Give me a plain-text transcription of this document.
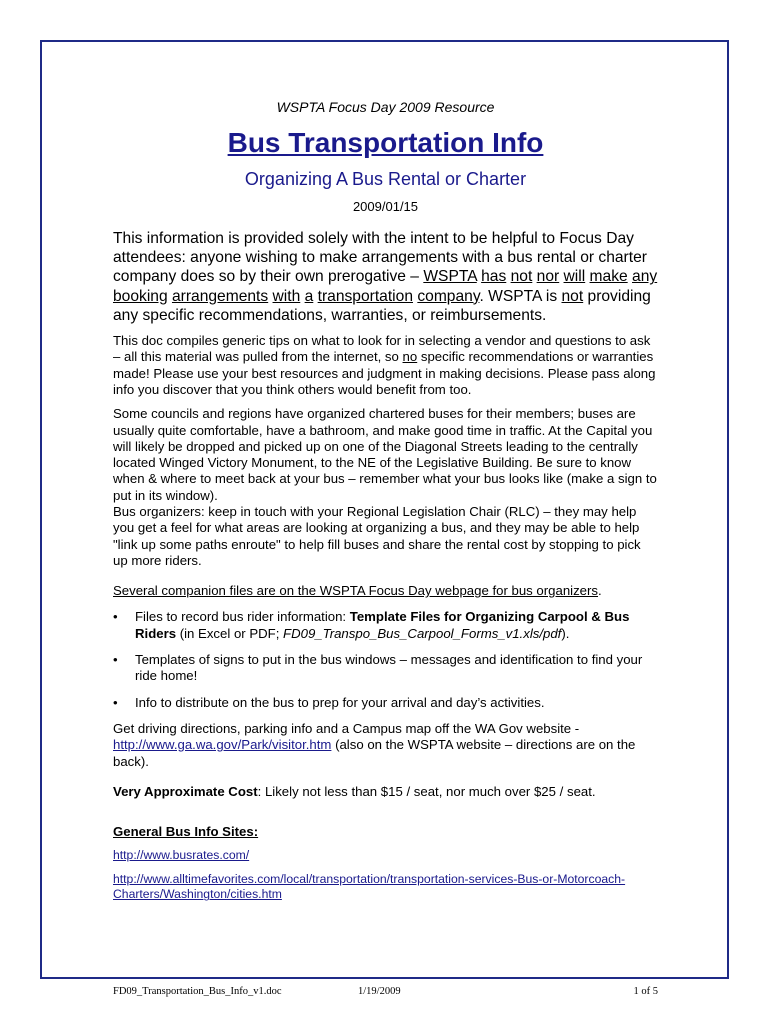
WSPTA Focus Day 2009 Resource

Bus Transportation Info

Organizing A Bus Rental or Charter

2009/01/15

This information is provided solely with the intent to be helpful to Focus Day attendees: anyone wishing to make arrangements with a bus rental or charter company does so by their own prerogative – WSPTA has not nor will make any booking arrangements with a transportation company. WSPTA is not providing any specific recommendations, warranties, or reimbursements.

This doc compiles generic tips on what to look for in selecting a vendor and questions to ask – all this material was pulled from the internet, so no specific recommendations or warranties made! Please use your best resources and judgment in making decisions. Please pass along info you discover that you think others would benefit from too.

Some councils and regions have organized chartered buses for their members; buses are usually quite comfortable, have a bathroom, and make good time in traffic. At the Capital you will likely be dropped and picked up on one of the Diagonal Streets leading to the centrally located Winged Victory Monument, to the NE of the Legislative Building. Be sure to know when & where to meet back at your bus – remember what your bus looks like (make a sign to put in its window).

Bus organizers: keep in touch with your Regional Legislation Chair (RLC) – they may help you get a feel for what areas are looking at organizing a bus, and they may be able to help "link up some paths enroute" to help fill buses and share the rental cost by stopping to pick up more riders.

Several companion files are on the WSPTA Focus Day webpage for bus organizers.

• Files to record bus rider information: Template Files for Organizing Carpool & Bus Riders (in Excel or PDF; FD09_Transpo_Bus_Carpool_Forms_v1.xls/pdf).
• Templates of signs to put in the bus windows – messages and identification to find your ride home!
• Info to distribute on the bus to prep for your arrival and day’s activities.

Get driving directions, parking info and a Campus map off the WA Gov website - http://www.ga.wa.gov/Park/visitor.htm (also on the WSPTA website – directions are on the back).

Very Approximate Cost: Likely not less than $15 / seat, nor much over $25 / seat.

General Bus Info Sites:

http://www.busrates.com/

http://www.alltimefavorites.com/local/transportation/transportation-services-Bus-or-Motorcoach-Charters/Washington/cities.htm

FD09_Transportation_Bus_Info_v1.doc	1/19/2009	1 of 5
